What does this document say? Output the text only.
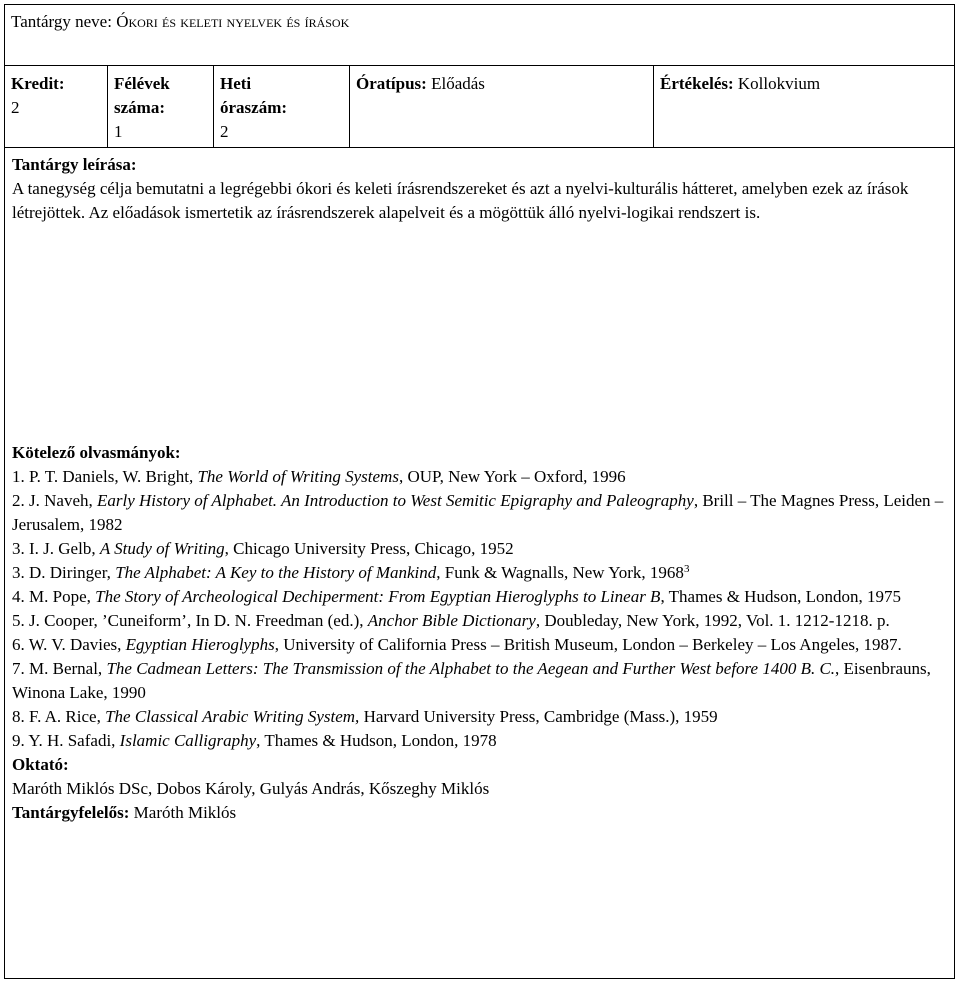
Tantárgy neve: Ókori és keleti nyelvek és írások
Kredit:
2
Félévek
száma:
1
Heti
óraszám:
2
Óratípus: Előadás	Értékelés: Kollokvium

Tantárgy leírása:

A tanegység célja bemutatni a legrégebbi ókori és keleti írásrendszereket és azt a nyelvi-kulturális hátteret, amelyben ezek az írások létrejöttek. Az előadások ismertetik az írásrendszerek alapelveit és a mögöttük álló nyelvi-logikai rendszert is.

Kötelező olvasmányok:

1. P. T. Daniels, W. Bright, The World of Writing Systems, OUP, New York – Oxford, 1996

2. J. Naveh, Early History of Alphabet. An Introduction to West Semitic Epigraphy and Paleography, Brill – The Magnes Press, Leiden – Jerusalem, 1982

3. I. J. Gelb, A Study of Writing, Chicago University Press, Chicago, 1952

3. D. Diringer, The Alphabet: A Key to the History of Mankind, Funk & Wagnalls, New York, 1968$^3$

4. M. Pope, The Story of Archeological Dechiperment: From Egyptian Hieroglyphs to Linear B, Thames & Hudson, London, 1975

5. J. Cooper, ’Cuneiform’, In D. N. Freedman (ed.), Anchor Bible Dictionary, Doubleday, New York, 1992, Vol. 1. 1212-1218. p.

6. W. V. Davies, Egyptian Hieroglyphs, University of California Press – British Museum, London – Berkeley – Los Angeles, 1987.

7. M. Bernal, The Cadmean Letters: The Transmission of the Alphabet to the Aegean and Further West before 1400 B. C., Eisenbrauns, Winona Lake, 1990

8. F. A. Rice, The Classical Arabic Writing System, Harvard University Press, Cambridge (Mass.), 1959

9. Y. H. Safadi, Islamic Calligraphy, Thames & Hudson, London, 1978

Oktató:

Maróth Miklós DSc, Dobos Károly, Gulyás András, Kőszeghy Miklós

Tantárgyfelelős: Maróth Miklós
